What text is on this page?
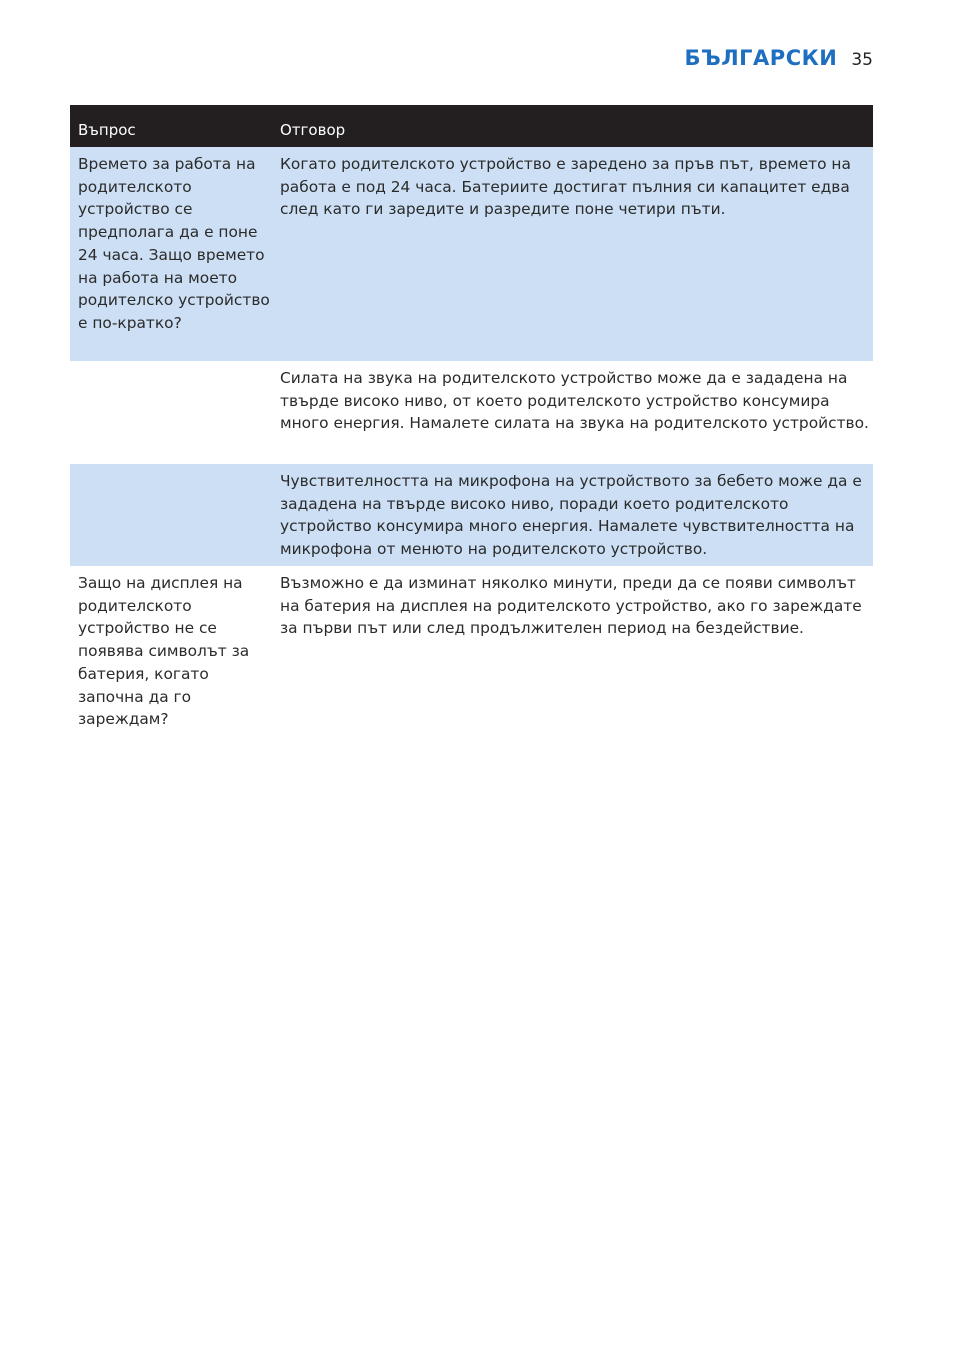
БЪЛГАРСКИ 35
Въпрос	Отговор
Времето за работа на родителското устройство се предполага да е поне 24 часа. Защо времето на работа на моето родителско устройство е по-кратко?
Когато родителското устройство е заредено за пръв път, времето на работа е под 24 часа. Батериите достигат пълния си капацитет едва след като ги заредите и разредите поне четири пъти.
Силата на звука на родителското устройство може да е зададена на твърде високо ниво, от което родителското устройство консумира много енергия. Намалете силата на звука на родителското устройство.
Чувствителността на микрофона на устройството за бебето може да е зададена на твърде високо ниво, поради което родителското устройство консумира много енергия. Намалете чувствителността на микрофона от менюто на родителското устройство.
Защо на дисплея на родителското устройство не се появява символът за батерия, когато започна да го зареждам?
Възможно е да изминат няколко минути, преди да се появи символът на батерия на дисплея на родителското устройство, ако го зареждате за първи път или след продължителен период на бездействие.
